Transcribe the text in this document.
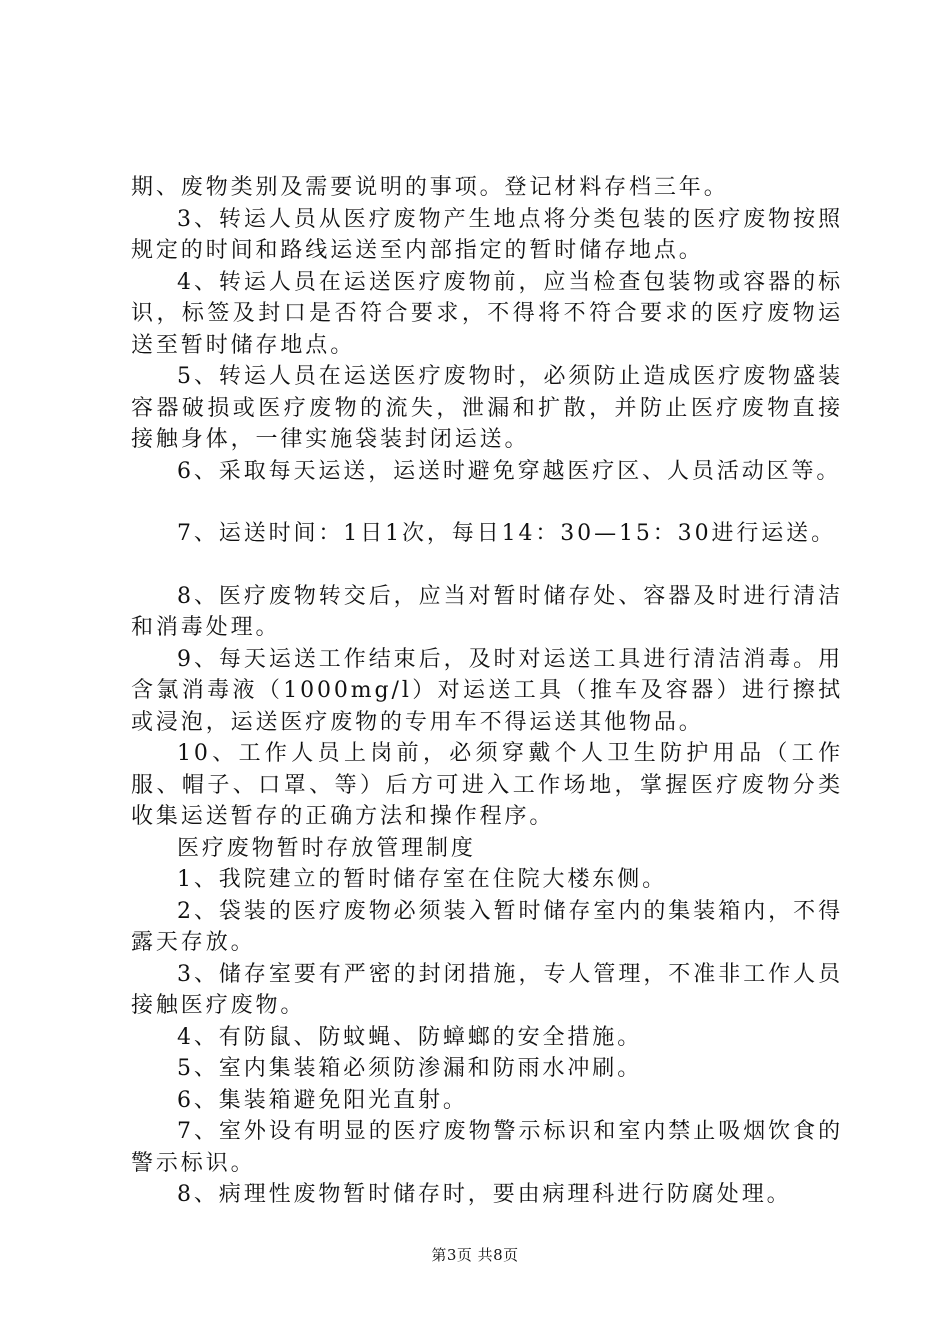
期、废物类别及需要说明的事项。登记材料存档三年。

3、转运人员从医疗废物产生地点将分类包装的医疗废物按照规定的时间和路线运送至内部指定的暂时储存地点。

4、转运人员在运送医疗废物前，应当检查包装物或容器的标识，标签及封口是否符合要求，不得将不符合要求的医疗废物运送至暂时储存地点。

5、转运人员在运送医疗废物时，必须防止造成医疗废物盛装容器破损或医疗废物的流失，泄漏和扩散，并防止医疗废物直接接触身体，一律实施袋装封闭运送。

6、采取每天运送，运送时避免穿越医疗区、人员活动区等。

7、运送时间：1日1次，每日14：30—15：30进行运送。

8、医疗废物转交后，应当对暂时储存处、容器及时进行清洁和消毒处理。

9、每天运送工作结束后，及时对运送工具进行清洁消毒。用含氯消毒液（1000mg/l）对运送工具（推车及容器）进行擦拭或浸泡，运送医疗废物的专用车不得运送其他物品。

10、工作人员上岗前，必须穿戴个人卫生防护用品（工作服、帽子、口罩、等）后方可进入工作场地，掌握医疗废物分类收集运送暂存的正确方法和操作程序。

医疗废物暂时存放管理制度

1、我院建立的暂时储存室在住院大楼东侧。

2、袋装的医疗废物必须装入暂时储存室内的集装箱内，不得露天存放。

3、储存室要有严密的封闭措施，专人管理，不准非工作人员接触医疗废物。

4、有防鼠、防蚊蝇、防蟑螂的安全措施。

5、室内集装箱必须防渗漏和防雨水冲刷。

6、集装箱避免阳光直射。

7、室外设有明显的医疗废物警示标识和室内禁止吸烟饮食的警示标识。

8、病理性废物暂时储存时，要由病理科进行防腐处理。

第3页 共8页
